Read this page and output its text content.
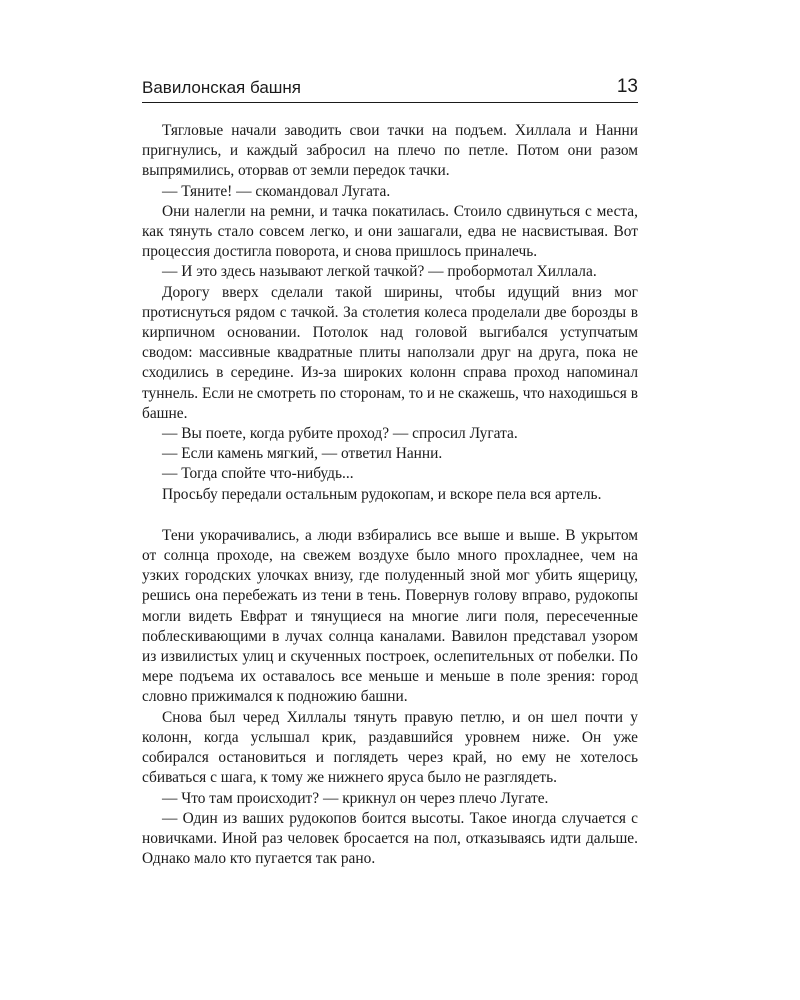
Вавилонская башня	13

Тягловые начали заводить свои тачки на подъем. Хиллала и Нанни пригнулись, и каждый забросил на плечо по петле. Потом они разом выпрямились, оторвав от земли передок тачки.

— Тяните! — скомандовал Лугата.

Они налегли на ремни, и тачка покатилась. Стоило сдвинуться с места, как тянуть стало совсем легко, и они зашагали, едва не насвистывая. Вот процессия достигла поворота, и снова пришлось приналечь.

— И это здесь называют легкой тачкой? — пробормотал Хиллала.

Дорогу вверх сделали такой ширины, чтобы идущий вниз мог протиснуться рядом с тачкой. За столетия колеса проделали две борозды в кирпичном основании. Потолок над головой выгибался уступчатым сводом: массивные квадратные плиты наползали друг на друга, пока не сходились в середине. Из-за широких колонн справа проход напоминал туннель. Если не смотреть по сторонам, то и не скажешь, что находишься в башне.

— Вы поете, когда рубите проход? — спросил Лугата.

— Если камень мягкий, — ответил Нанни.

— Тогда спойте что-нибудь...

Просьбу передали остальным рудокопам, и вскоре пела вся артель.

Тени укорачивались, а люди взбирались все выше и выше. В укрытом от солнца проходе, на свежем воздухе было много прохладнее, чем на узких городских улочках внизу, где полуденный зной мог убить ящерицу, решись она перебежать из тени в тень. Повернув голову вправо, рудокопы могли видеть Евфрат и тянущиеся на многие лиги поля, пересеченные поблескивающими в лучах солнца каналами. Вавилон представал узором из извилистых улиц и скученных построек, ослепительных от побелки. По мере подъема их оставалось все меньше и меньше в поле зрения: город словно прижимался к подножию башни.

Снова был черед Хиллалы тянуть правую петлю, и он шел почти у колонн, когда услышал крик, раздавшийся уровнем ниже. Он уже собирался остановиться и поглядеть через край, но ему не хотелось сбиваться с шага, к тому же нижнего яруса было не разглядеть.

— Что там происходит? — крикнул он через плечо Лугате.

— Один из ваших рудокопов боится высоты. Такое иногда случается с новичками. Иной раз человек бросается на пол, отказываясь идти дальше. Однако мало кто пугается так рано.
